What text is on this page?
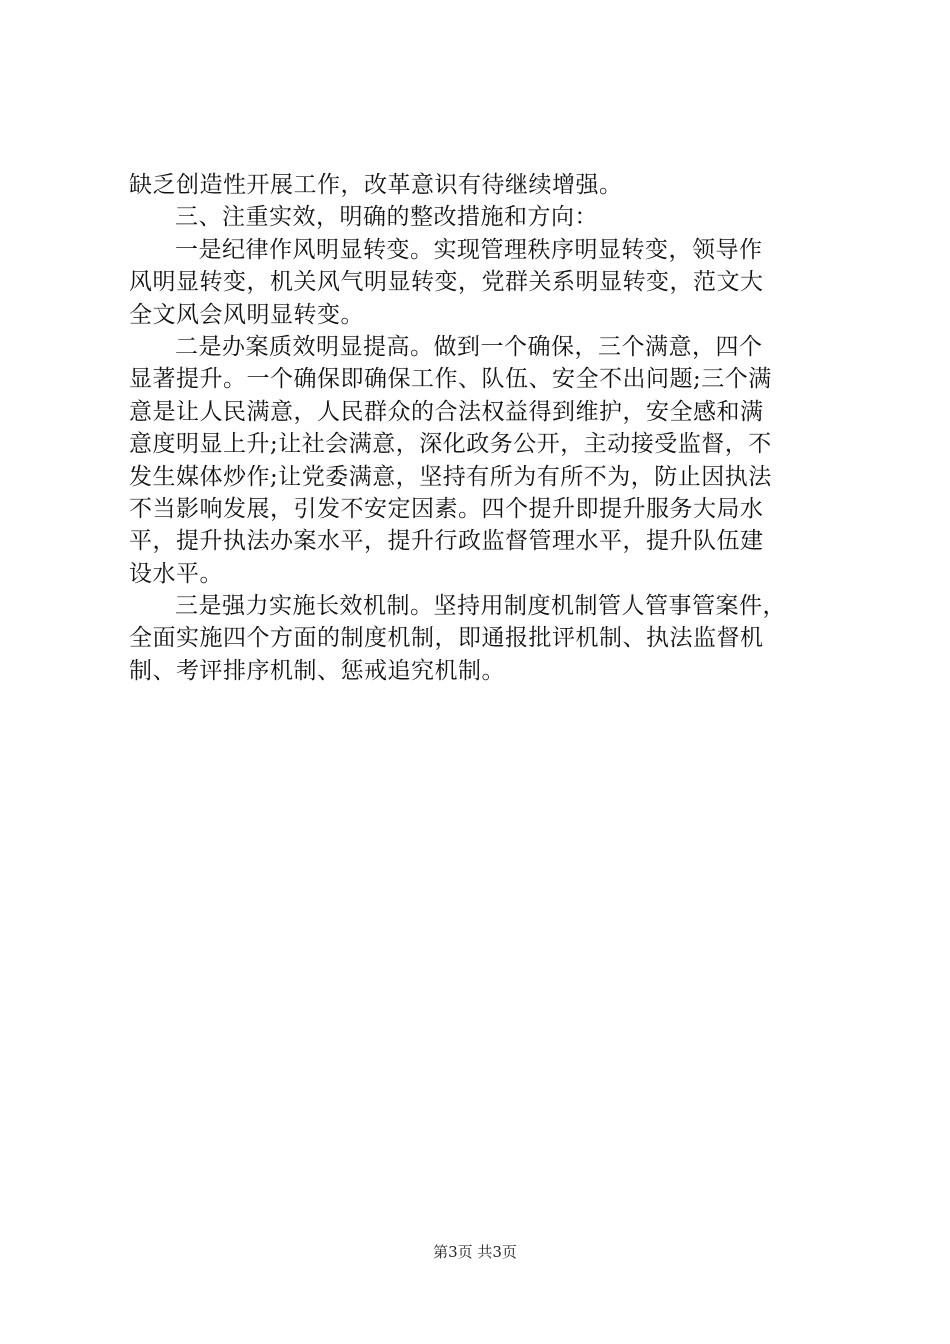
缺乏创造性开展工作，改革意识有待继续增强。
三、注重实效，明确的整改措施和方向：
一是纪律作风明显转变。实现管理秩序明显转变，领导作
风明显转变，机关风气明显转变，党群关系明显转变，范文大
全文风会风明显转变。
二是办案质效明显提高。做到一个确保，三个满意，四个
显著提升。一个确保即确保工作、队伍、安全不出问题;三个满
意是让人民满意，人民群众的合法权益得到维护，安全感和满
意度明显上升;让社会满意，深化政务公开，主动接受监督，不
发生媒体炒作;让党委满意，坚持有所为有所不为，防止因执法
不当影响发展，引发不安定因素。四个提升即提升服务大局水
平，提升执法办案水平，提升行政监督管理水平，提升队伍建
设水平。
三是强力实施长效机制。坚持用制度机制管人管事管案件，
全面实施四个方面的制度机制，即通报批评机制、执法监督机
制、考评排序机制、惩戒追究机制。
第3页 共3页
